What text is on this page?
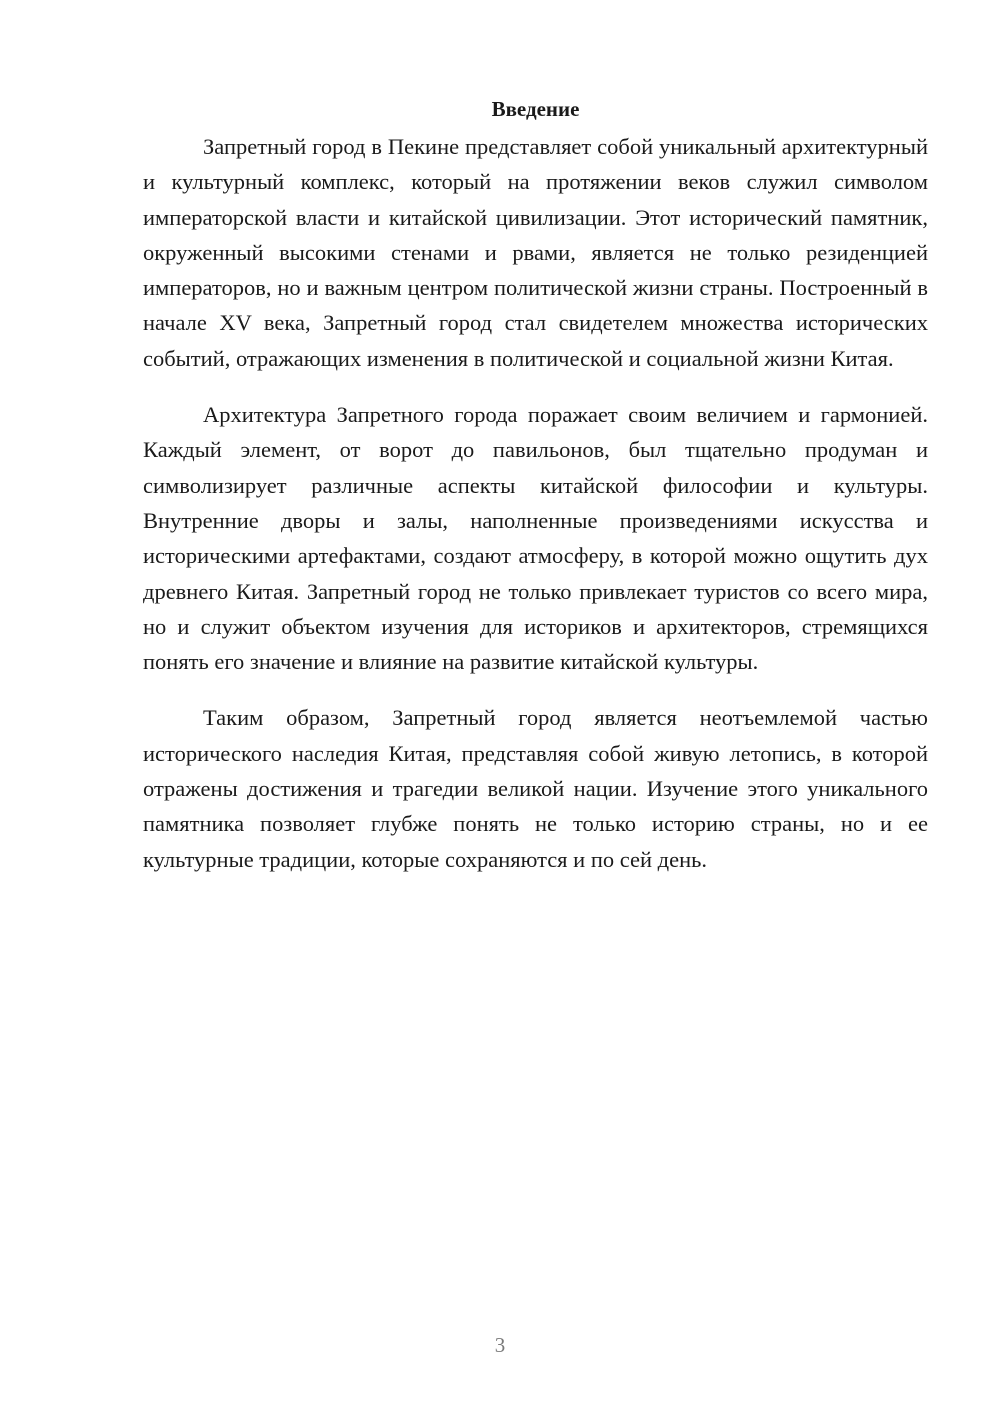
Введение

Запретный город в Пекине представляет собой уникальный архитектурный и культурный комплекс, который на протяжении веков служил символом императорской власти и китайской цивилизации. Этот исторический памятник, окруженный высокими стенами и рвами, является не только резиденцией императоров, но и важным центром политической жизни страны. Построенный в начале XV века, Запретный город стал свидетелем множества исторических событий, отражающих изменения в политической и социальной жизни Китая.

Архитектура Запретного города поражает своим величием и гармонией. Каждый элемент, от ворот до павильонов, был тщательно продуман и символизирует различные аспекты китайской философии и культуры. Внутренние дворы и залы, наполненные произведениями искусства и историческими артефактами, создают атмосферу, в которой можно ощутить дух древнего Китая. Запретный город не только привлекает туристов со всего мира, но и служит объектом изучения для историков и архитекторов, стремящихся понять его значение и влияние на развитие китайской культуры.

Таким образом, Запретный город является неотъемлемой частью исторического наследия Китая, представляя собой живую летопись, в которой отражены достижения и трагедии великой нации. Изучение этого уникального памятника позволяет глубже понять не только историю страны, но и ее культурные традиции, которые сохраняются и по сей день.

3
